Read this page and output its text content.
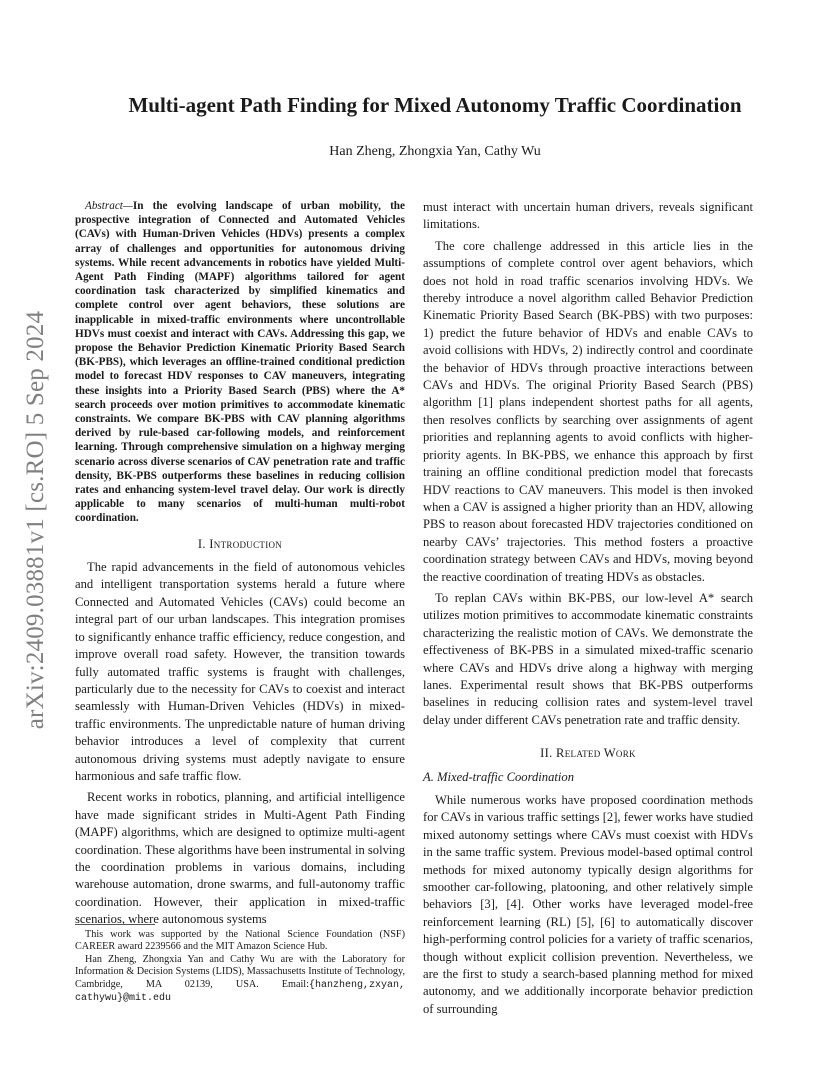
arXiv:2409.03881v1 [cs.RO] 5 Sep 2024
Multi-agent Path Finding for Mixed Autonomy Traffic Coordination
Han Zheng, Zhongxia Yan, Cathy Wu

Abstract—In the evolving landscape of urban mobility, the prospective integration of Connected and Automated Vehicles (CAVs) with Human-Driven Vehicles (HDVs) presents a complex array of challenges and opportunities for autonomous driving systems. While recent advancements in robotics have yielded Multi-Agent Path Finding (MAPF) algorithms tailored for agent coordination task characterized by simplified kinematics and complete control over agent behaviors, these solutions are inapplicable in mixed-traffic environments where uncontrollable HDVs must coexist and interact with CAVs. Addressing this gap, we propose the Behavior Prediction Kinematic Priority Based Search (BK-PBS), which leverages an offline-trained conditional prediction model to forecast HDV responses to CAV maneuvers, integrating these insights into a Priority Based Search (PBS) where the A* search proceeds over motion primitives to accommodate kinematic constraints. We compare BK-PBS with CAV planning algorithms derived by rule-based car-following models, and reinforcement learning. Through comprehensive simulation on a highway merging scenario across diverse scenarios of CAV penetration rate and traffic density, BK-PBS outperforms these baselines in reducing collision rates and enhancing system-level travel delay. Our work is directly applicable to many scenarios of multi-human multi-robot coordination.

I. Introduction

The rapid advancements in the field of autonomous vehicles and intelligent transportation systems herald a future where Connected and Automated Vehicles (CAVs) could become an integral part of our urban landscapes. This integration promises to significantly enhance traffic efficiency, reduce congestion, and improve overall road safety. However, the transition towards fully automated traffic systems is fraught with challenges, particularly due to the necessity for CAVs to coexist and interact seamlessly with Human-Driven Vehicles (HDVs) in mixed-traffic environments. The unpredictable nature of human driving behavior introduces a level of complexity that current autonomous driving systems must adeptly navigate to ensure harmonious and safe traffic flow.

Recent works in robotics, planning, and artificial intelligence have made significant strides in Multi-Agent Path Finding (MAPF) algorithms, which are designed to optimize multi-agent coordination. These algorithms have been instrumental in solving the coordination problems in various domains, including warehouse automation, drone swarms, and full-autonomy traffic coordination. However, their application in mixed-traffic scenarios, where autonomous systems

This work was supported by the National Science Foundation (NSF) CAREER award 2239566 and the MIT Amazon Science Hub.

Han Zheng, Zhongxia Yan and Cathy Wu are with the Laboratory for Information & Decision Systems (LIDS), Massachusetts Institute of Technology, Cambridge, MA 02139, USA. Email:{hanzheng,zxyan, cathywu}@mit.edu

must interact with uncertain human drivers, reveals significant limitations.

The core challenge addressed in this article lies in the assumptions of complete control over agent behaviors, which does not hold in road traffic scenarios involving HDVs. We thereby introduce a novel algorithm called Behavior Prediction Kinematic Priority Based Search (BK-PBS) with two purposes: 1) predict the future behavior of HDVs and enable CAVs to avoid collisions with HDVs, 2) indirectly control and coordinate the behavior of HDVs through proactive interactions between CAVs and HDVs. The original Priority Based Search (PBS) algorithm [1] plans independent shortest paths for all agents, then resolves conflicts by searching over assignments of agent priorities and replanning agents to avoid conflicts with higher-priority agents. In BK-PBS, we enhance this approach by first training an offline conditional prediction model that forecasts HDV reactions to CAV maneuvers. This model is then invoked when a CAV is assigned a higher priority than an HDV, allowing PBS to reason about forecasted HDV trajectories conditioned on nearby CAVs’ trajectories. This method fosters a proactive coordination strategy between CAVs and HDVs, moving beyond the reactive coordination of treating HDVs as obstacles.

To replan CAVs within BK-PBS, our low-level A* search utilizes motion primitives to accommodate kinematic constraints characterizing the realistic motion of CAVs. We demonstrate the effectiveness of BK-PBS in a simulated mixed-traffic scenario where CAVs and HDVs drive along a highway with merging lanes. Experimental result shows that BK-PBS outperforms baselines in reducing collision rates and system-level travel delay under different CAVs penetration rate and traffic density.

II. Related Work
A. Mixed-traffic Coordination

While numerous works have proposed coordination methods for CAVs in various traffic settings [2], fewer works have studied mixed autonomy settings where CAVs must coexist with HDVs in the same traffic system. Previous model-based optimal control methods for mixed autonomy typically design algorithms for smoother car-following, platooning, and other relatively simple behaviors [3], [4]. Other works have leveraged model-free reinforcement learning (RL) [5], [6] to automatically discover high-performing control policies for a variety of traffic scenarios, though without explicit collision prevention. Nevertheless, we are the first to study a search-based planning method for mixed autonomy, and we additionally incorporate behavior prediction of surrounding
